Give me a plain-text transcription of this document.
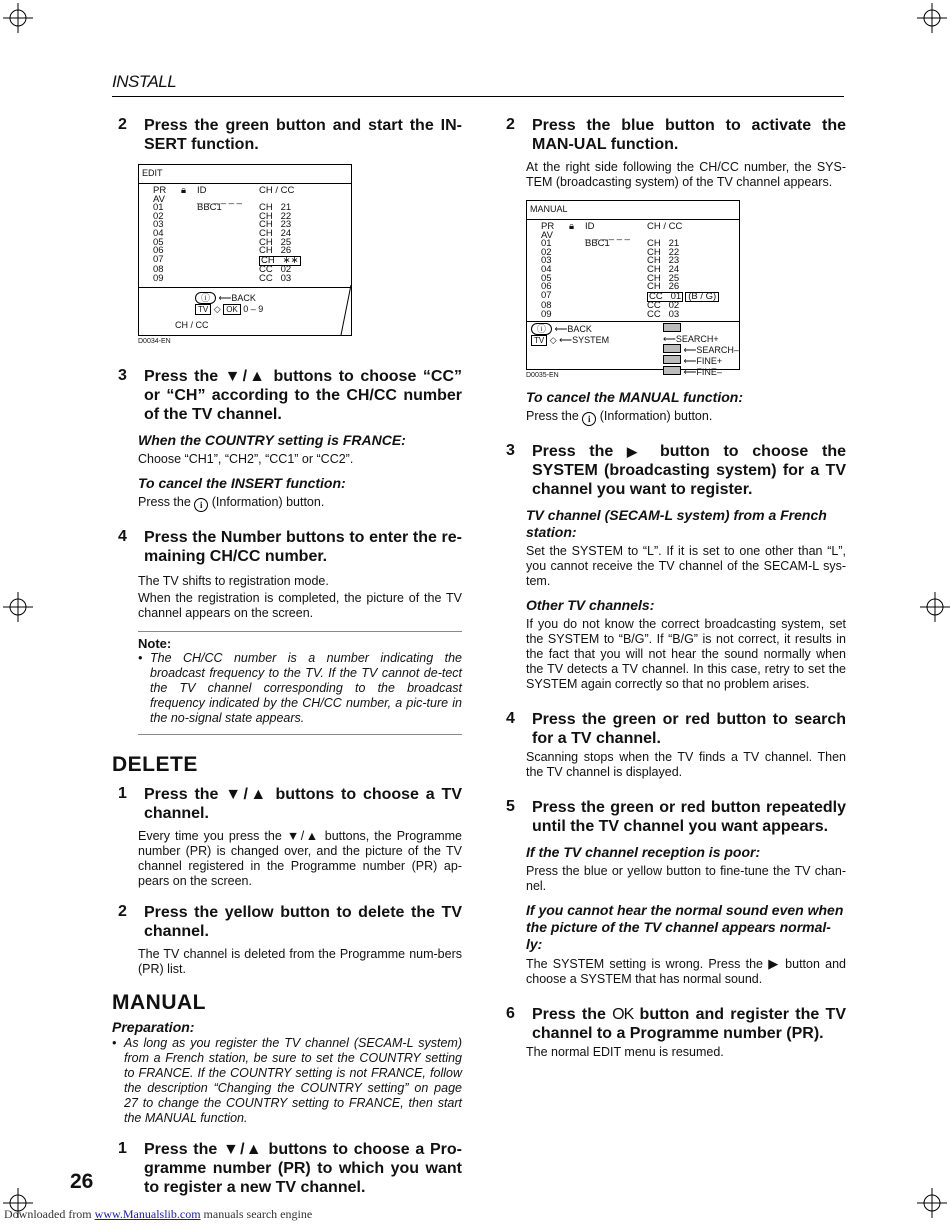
INSTALL
2	Press the green button and start the IN-SERT function.
EDIT
PR	🔒︎	ID	CH / CC
AV	_ _ _ _ _ _
01	BBC1	CH   21
02	CH   22
03	CH   23
04	CH   24
05	CH   25
06	CH   26
07	CH   ∗∗
08	CC   02
09	CC   03
ⓘ ⟵BACK
TV ◇ OK 0 – 9
CH / CC
D0034-EN
3	Press the ▼/▲ buttons to choose “CC” or “CH” according to the CH/CC number of the TV channel.
When the COUNTRY setting is FRANCE:
Choose “CH1”, “CH2”, “CC1” or “CC2”.
To cancel the INSERT function:
Press the i (Information) button.
4	Press the Number buttons to enter the re-maining CH/CC number.
The TV shifts to registration mode.
When the registration is completed, the picture of the TV channel appears on the screen.
Note:
• The CH/CC number is a number indicating the broadcast frequency to the TV. If the TV cannot de-tect the TV channel corresponding to the broadcast frequency indicated by the CH/CC number, a pic-ture in the no-signal state appears.
DELETE
1	Press the ▼/▲ buttons to choose a TV channel.
Every time you press the ▼/▲ buttons, the Programme number (PR) is changed over, and the picture of the TV channel registered in the Programme number (PR) ap-pears on the screen.
2	Press the yellow button to delete the TV channel.
The TV channel is deleted from the Programme num-bers (PR) list.
MANUAL
Preparation:
• As long as you register the TV channel (SECAM-L system) from a French station, be sure to set the COUNTRY setting to FRANCE. If the COUNTRY setting is not FRANCE, follow the description “Changing the COUNTRY setting” on page 27 to change the COUNTRY setting to FRANCE, then start the MANUAL function.
1	Press the ▼/▲ buttons to choose a Pro-gramme number (PR) to which you want to register a new TV channel.
2	Press the blue button to activate the MAN-UAL function.
At the right side following the CH/CC number, the SYS-TEM (broadcasting system) of the TV channel appears.
MANUAL
PR	🔒︎	ID	CH / CC
AV	_ _ _ _ _ _
01	BBC1	CH   21
02	CH   22
03	CH   23
04	CH   24
05	CH   25
06	CH   26
07	CC   01 (B / G)
08	CC   02
09	CC   03
ⓘ ⟵BACK
TV ◇ ⟵SYSTEM	⟵SEARCH+
⟵SEARCH–
⟵FINE+
⟵FINE–
D0035-EN
To cancel the MANUAL function:
Press the i (Information) button.
3	Press the ▶ button to choose the SYSTEM (broadcasting system) for a TV channel you want to register.
TV channel (SECAM-L system) from a French station:
Set the SYSTEM to “L”. If it is set to one other than “L”, you cannot receive the TV channel of the SECAM-L sys-tem.
Other TV channels:
If you do not know the correct broadcasting system, set the SYSTEM to “B/G”. If “B/G” is not correct, it results in the fact that you will not hear the sound normally when the TV detects a TV channel. In this case, retry to set the SYSTEM again correctly so that no problem arises.
4	Press the green or red button to search for a TV channel.
Scanning stops when the TV finds a TV channel. Then the TV channel is displayed.
5	Press the green or red button repeatedly until the TV channel you want appears.
If the TV channel reception is poor:
Press the blue or yellow button to fine-tune the TV chan-nel.
If you cannot hear the normal sound even when the picture of the TV channel appears normal-ly:
The SYSTEM setting is wrong. Press the ▶ button and choose a SYSTEM that has normal sound.
6	Press the OK button and register the TV channel to a Programme number (PR).
The normal EDIT menu is resumed.
26
Downloaded from www.Manualslib.com manuals search engine
